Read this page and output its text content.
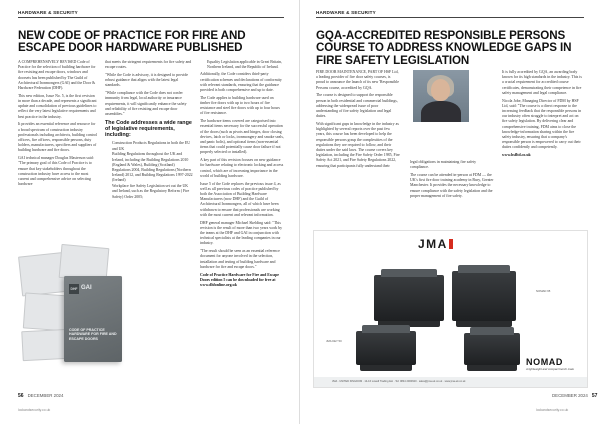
HARDWARE & SECURITY
NEW CODE OF PRACTICE FOR FIRE AND ESCAPE DOOR HARDWARE PUBLISHED

A COMPREHENSIVELY REVISED Code of Practice for the selection of building hardware for fire resisting and escape doors, windows and doorsets has been published by The Guild of Architectural Ironmongers (GAI) and the Door & Hardware Federation (DHF).

This new edition, Issue No. 5, is the first revision in more than a decade, and represents a significant update and consolidation of previous guidelines to reflect the very latest legislative requirements and best practice in the industry.

It provides an essential reference and resource for a broad spectrum of construction industry professionals including architects, building control officers, fire officers, responsible persons, duty holders, manufacturers, specifiers and suppliers of building hardware and fire doors.

GAI technical manager Douglas Masterson said: "The primary goal of this Code of Practice is to ensure that key stakeholders throughout the construction industry have access to the most current and comprehensive advice on selecting hardware

that meets the stringent requirements for fire safety and escape routes.

"While the Code is advisory, it is designed to provide robust guidance that aligns with the latest legal standards.

"While compliance with the Code does not confer immunity from legal, local authority or insurance requirements, it will significantly enhance the safety and reliability of fire resisting and escape door assemblies."

The Code addresses a wide range of legislative requirements, including:
• Construction Products Regulations in both the EU and UK
• Building Regulations throughout the UK and Ireland, including the Building Regulations 2010 (England & Wales), Building (Scotland) Regulations 2004, Building Regulations (Northern Ireland) 2012, and Building Regulations 1997-2022 (Ireland)
• Workplace fire Safety Legislation set out the UK and Ireland, such as the Regulatory Reform ( Fire Safety) Order 2005;
• Equality Legislation applicable in Great Britain, Northern Ireland, and the Republic of Ireland.

Additionally, the Code considers third-party certification schemes and declarations of conformity with relevant standards, ensuring that the guidance provided is both comprehensive and up to date.

The Code applies to building hardware used on timber fire doors with up to two hours of fire resistance and steel fire doors with up to four hours of fire resistance.

The hardware items covered are categorised into essential items necessary for the successful operation of the doors (such as pivots and hinges, door closing devices, latch or locks, ironmongery and smoke seals, and panic bolts), and optional items (non-essential items that could potentially cause door failure if not properly selected or installed).

A key part of this revision focuses on new guidance for hardware relating to electronic locking and access control, which are of increasing importance in the world of building hardware.

Issue 5 of the Code replaces the previous issue 4, as well as all previous codes of practice published by both the Association of Building Hardware Manufacturers (now DHF) and the Guild of Architectural Ironmongers, all of which have been withdrawn to ensure that professionals are working with the most current and relevant information.

DHF general manager Michael Skelding said: "This revision is the result of more than two years work by the teams at the DHF and GAI in conjunction with technical specialists at the leading companies in our industry.

"The result should be seen as an essential reference document for anyone involved in the selection, installation and testing of building hardware and hardware for fire and escape doors."

Code of Practice Hardware for Fire and Escape Doors edition 5 can be downloaded for free at www.dhfonline.org.uk

DHF GAI
CODE OF PRACTICE HARDWARE FOR FIRE AND ESCAPE DOORS
56 DECEMBER 2024
lockandsecurity.co.uk
HARDWARE & SECURITY
GQA-ACCREDITED RESPONSIBLE PERSONS COURSE TO ADDRESS KNOWLEDGE GAPS IN FIRE SAFETY LEGISLATION

FIRE DOOR MAINTENANCE, PART OF HSF Ltd, a leading provider of fire door safety courses, is proud to announce the launch of its new 'Responsible Persons course, accredited by GQA.

The course is designed to support the responsible person in both residential and commercial buildings, addressing the widespread issue of poor understanding of fire safety legislation and legal duties.

With significant gaps in knowledge in the industry as highlighted by several reports over the past few years, this course has been developed to help the responsible persons grasp the complexities of the regulations they are required to follow, and their duties under the said laws. The course covers key legislation, including the Fire Safety Order 1985, Fire Safety Act 2021, and Fire Safety Regulations 2022, ensuring that participants fully understand their

legal obligations in maintaining fire safety compliance.

The course can be attended in-person at FDM — the UK's first fire door training academy in Bury, Greater Manchester. It provides the necessary knowledge to ensure compliance with the safety legislation and the proper management of fire safety.

It is fully accredited by GQA, an awarding body known for its high standards in the industry. This is a crucial requirement for accredited course certificates, demonstrating their competence in fire safety management and legal compliance.

Nicola Jobe, Managing Director of FDM by HSF Ltd, said: "The course is a direct response to the increasing feedback that the responsible persons in our industry often struggle to interpret and act on fire safety legislation. By delivering clear and comprehensive training, FDM aims to close the knowledge-information sharing within the fire safety industry, ensuring that a company's responsible person is empowered to carry out their duties confidently and competently.

www.hsfltd.co.uk

JMA
JMA KEY 50
NOMAD 65
NOMAD
A lightweight and compact bench mate
JMA · UNITED KINGDOM · 14-16 Lowell Trading Est · Tel: 0844 2000620 · sales@jma-uk.co.uk · www.jma-uk.co.uk
DECEMBER 2024 57
lockandsecurity.co.uk
